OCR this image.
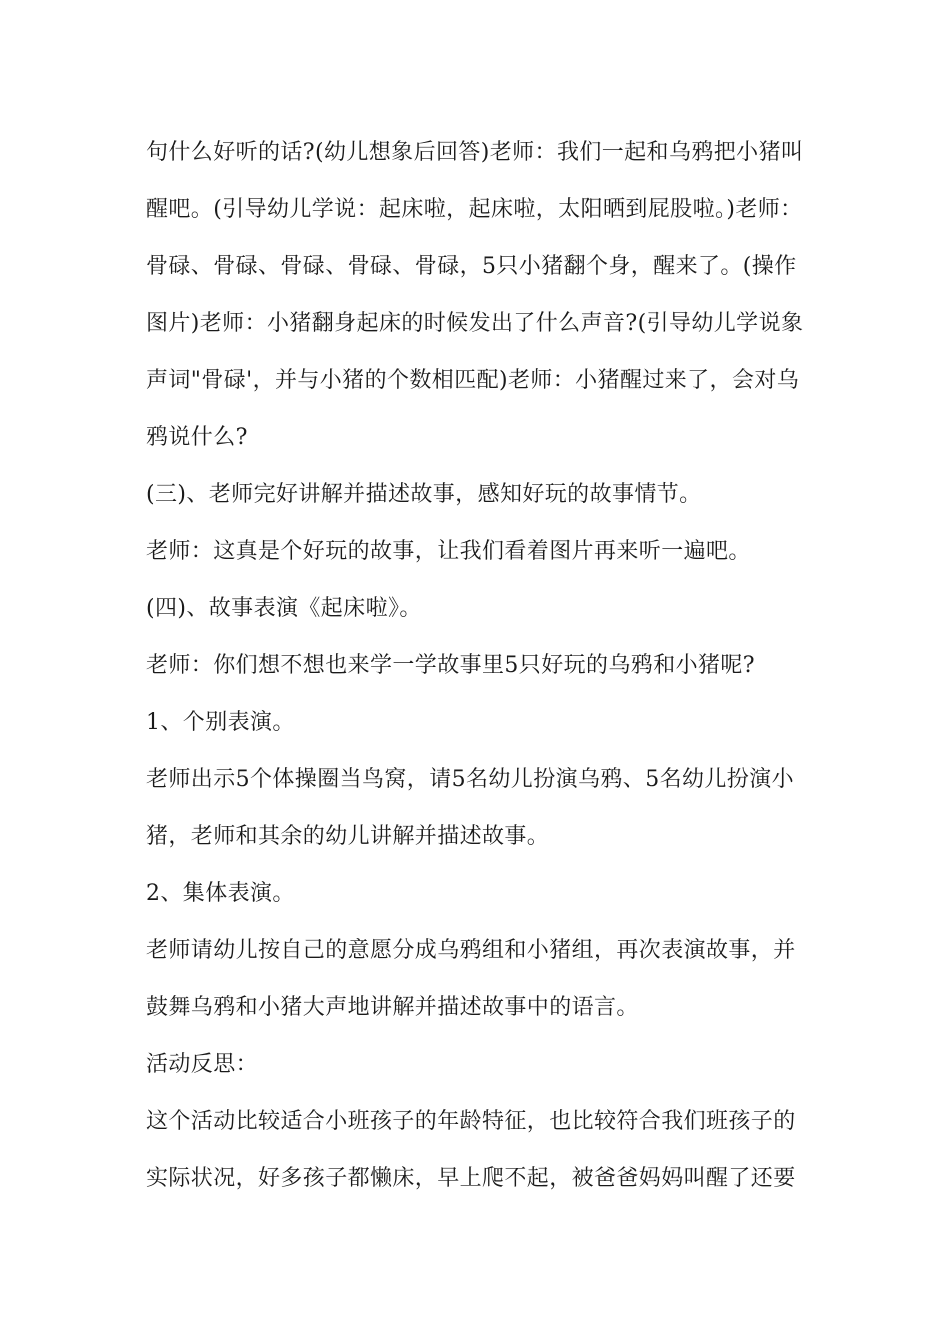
句什么好听的话?(幼儿想象后回答)老师：我们一起和乌鸦把小猪叫
醒吧。(引导幼儿学说：起床啦，起床啦，太阳晒到屁股啦。)老师：
骨碌、骨碌、骨碌、骨碌、骨碌，5只小猪翻个身，醒来了。(操作
图片)老师：小猪翻身起床的时候发出了什么声音?(引导幼儿学说象
声词"骨碌'，并与小猪的个数相匹配)老师：小猪醒过来了，会对乌
鸦说什么?
(三)、老师完好讲解并描述故事，感知好玩的故事情节。
老师：这真是个好玩的故事，让我们看着图片再来听一遍吧。
(四)、故事表演《起床啦》。
老师：你们想不想也来学一学故事里5只好玩的乌鸦和小猪呢?
1、个别表演。
老师出示5个体操圈当鸟窝，请5名幼儿扮演乌鸦、5名幼儿扮演小
猪，老师和其余的幼儿讲解并描述故事。
2、集体表演。
老师请幼儿按自己的意愿分成乌鸦组和小猪组，再次表演故事，并
鼓舞乌鸦和小猪大声地讲解并描述故事中的语言。
活动反思：
这个活动比较适合小班孩子的年龄特征，也比较符合我们班孩子的
实际状况，好多孩子都懒床，早上爬不起，被爸爸妈妈叫醒了还要
